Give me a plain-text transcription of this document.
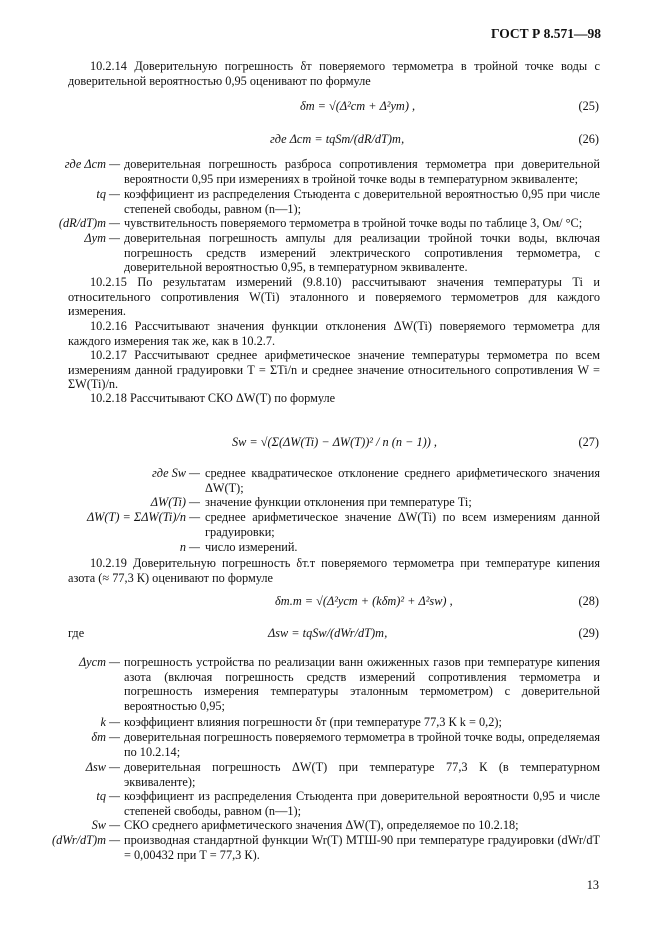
ГОСТ Р 8.571—98
10.2.14 Доверительную погрешность δт поверяемого термометра в тройной точке воды с доверительной вероятностью 0,95 оценивают по формуле
δт = √(Δ²ст + Δ²ут) ,	(25)
где Δст = tqSт/(dR/dT)т,	(26)
где Δст — доверительная погрешность разброса сопротивления термометра при доверительной вероятности 0,95 при измерениях в тройной точке воды в температурном эквиваленте;
tq — коэффициент из распределения Стьюдента с доверительной вероятностью 0,95 при числе степеней свободы, равном (n—1);
(dR/dT)т — чувствительность поверяемого термометра в тройной точке воды по таблице 3, Ом/ °С;
Δут — доверительная погрешность ампулы для реализации тройной точки воды, включая погрешность средств измерений электрического сопротивления термометра, с доверительной вероятностью 0,95, в температурном эквиваленте.
10.2.15 По результатам измерений (9.8.10) рассчитывают значения температуры Ti и относительного сопротивления W(Ti) эталонного и поверяемого термометров для каждого измерения.
10.2.16 Рассчитывают значения функции отклонения ΔW(Ti) поверяемого термометра для каждого измерения так же, как в 10.2.7.
10.2.17 Рассчитывают среднее арифметическое значение температуры термометра по всем измерениям данной градуировки T = ΣTi/n и среднее значение относительного сопротивления W = ΣW(Ti)/n.
10.2.18 Рассчитывают СКО ΔW(T) по формуле
Sw = √(Σ(ΔW(Ti) − ΔW(T))² / n (n − 1)) ,	(27)
где Sw — среднее квадратическое отклонение среднего арифметического значения ΔW(T);
ΔW(Ti) — значение функции отклонения при температуре Ti;
ΔW(T) = ΣΔW(Ti)/n — среднее арифметическое значение ΔW(Ti) по всем измерениям данной градуировки;
n — число измерений.
10.2.19 Доверительную погрешность δт.т поверяемого термометра при температуре кипения азота (≈ 77,3 К) оценивают по формуле
δт.т = √(Δ²уст + (kδт)² + Δ²sw) ,	(28)
где	Δsw = tqSw/(dWr/dT)т,	(29)
Δуст — погрешность устройства по реализации ванн ожиженных газов при температуре кипения азота (включая погрешность средств измерений сопротивления термометра и погрешность измерения температуры эталонным термометром) с доверительной вероятностью 0,95;
k — коэффициент влияния погрешности δт (при температуре 77,3 К k = 0,2);
δт — доверительная погрешность поверяемого термометра в тройной точке воды, определяемая по 10.2.14;
Δsw — доверительная погрешность ΔW(T) при температуре 77,3 К (в температурном эквиваленте);
tq — коэффициент из распределения Стьюдента при доверительной вероятности 0,95 и числе степеней свободы, равном (n—1);
Sw — СКО среднего арифметического значения ΔW(T), определяемое по 10.2.18;
(dWr/dT)т — производная стандартной функции Wr(T) МТШ-90 при температуре градуировки (dWr/dT = 0,00432 при T = 77,3 К).
13
